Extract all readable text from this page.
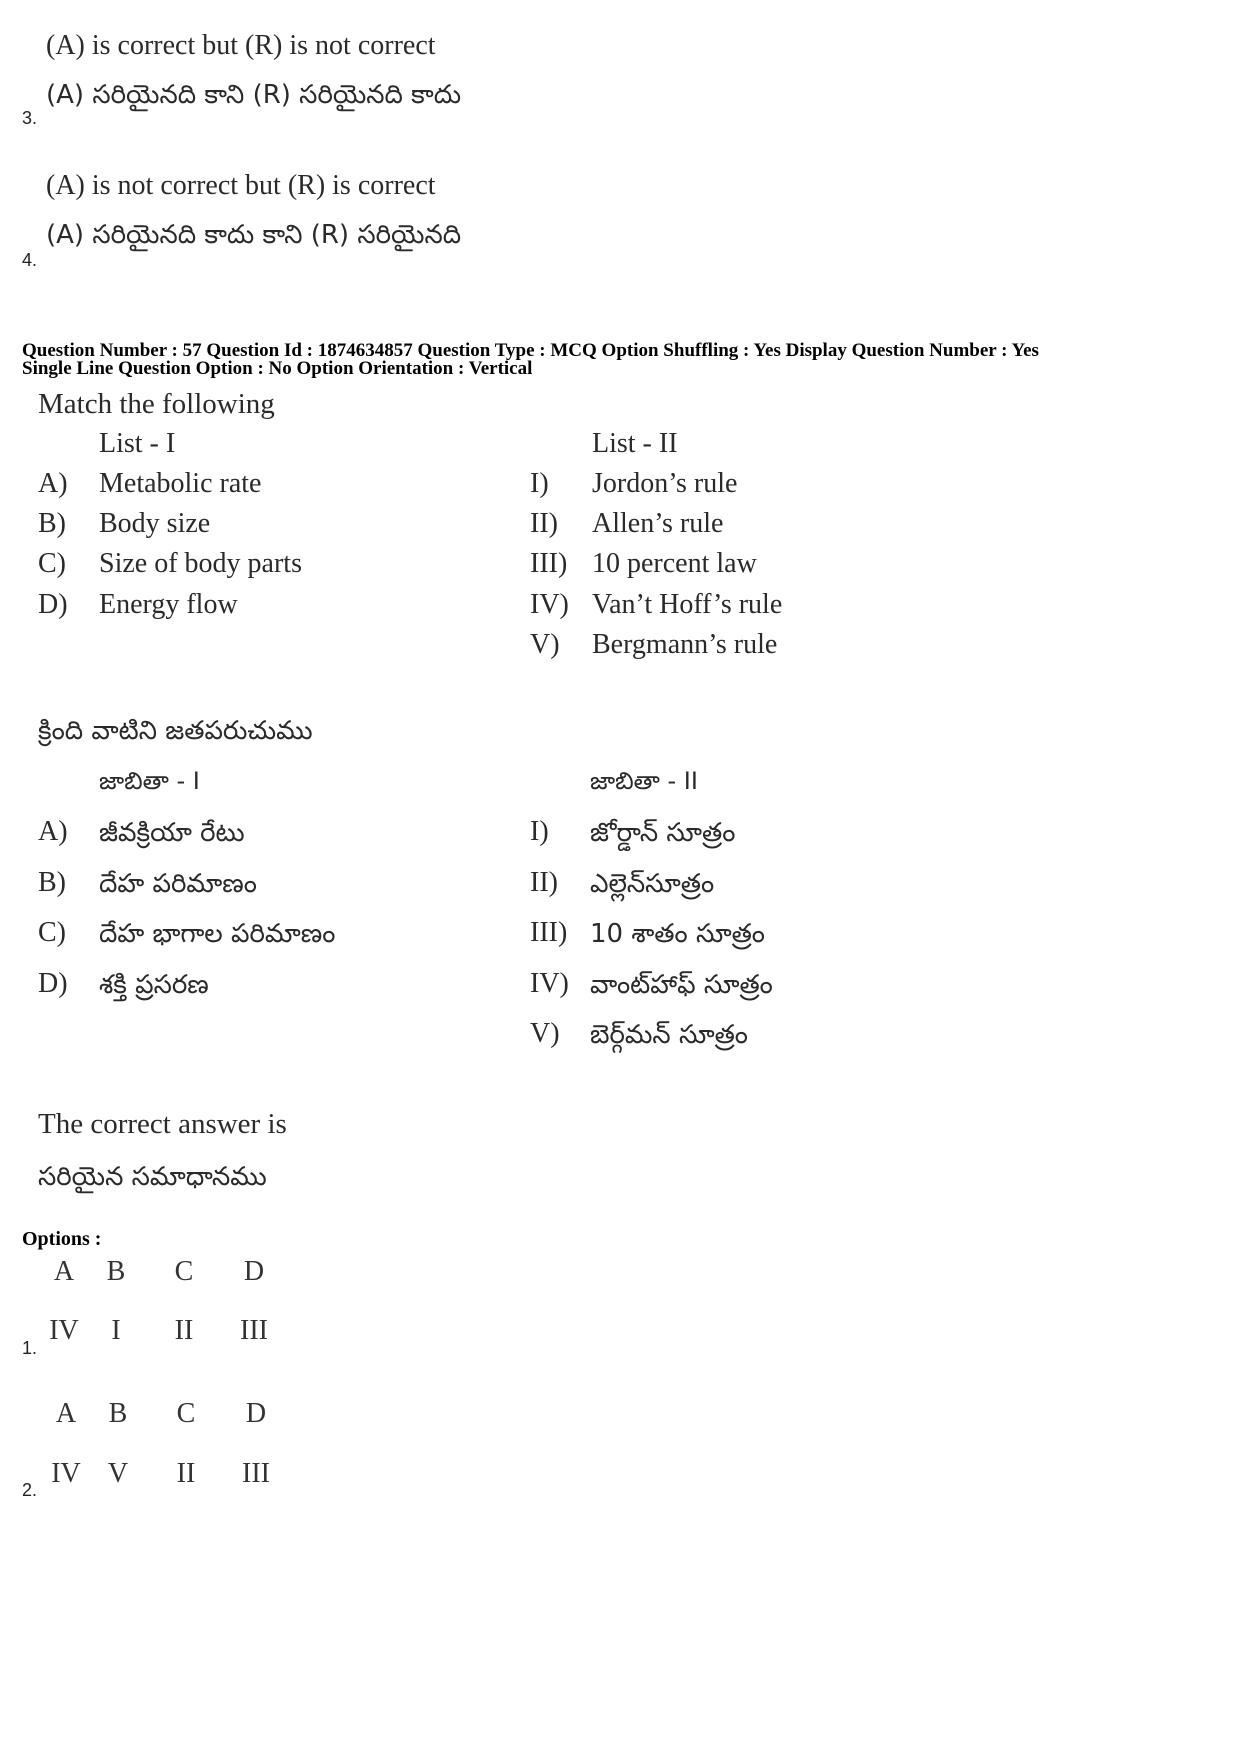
(A) is correct but (R) is not correct
(A) సరియైనది కాని (R) సరియైనది కాదు
3.
(A) is not correct but (R) is correct
(A) సరియైనది కాదు కాని (R) సరియైనది
4.
Question Number : 57 Question Id : 1874634857 Question Type : MCQ Option Shuffling : Yes Display Question Number : Yes
Single Line Question Option : No Option Orientation : Vertical
Match the following
List - I	List - II
A) Metabolic rate
B) Body size
C) Size of body parts
D) Energy flow
I) Jordon’s rule
II) Allen’s rule
III) 10 percent law
IV) Van’t Hoff’s rule
V) Bergmann’s rule
క్రింది వాటిని జతపరుచుము
జాబితా - I	జాబితా - II
A) జీవక్రియా రేటు
B) దేహ పరిమాణం
C) దేహ భాగాల పరిమాణం
D) శక్తి ప్రసరణ
I) జోర్డాన్ సూత్రం
II) ఎల్లెన్‌సూత్రం
III) 10 శాతం సూత్రం
IV) వాంట్‌హాఫ్ సూత్రం
V) బెర్గ్‌మన్ సూత్రం
The correct answer is
సరియైన సమాధానము
Options :
A B C D
IV I II III
1.
A B C D
IV V II III
2.
